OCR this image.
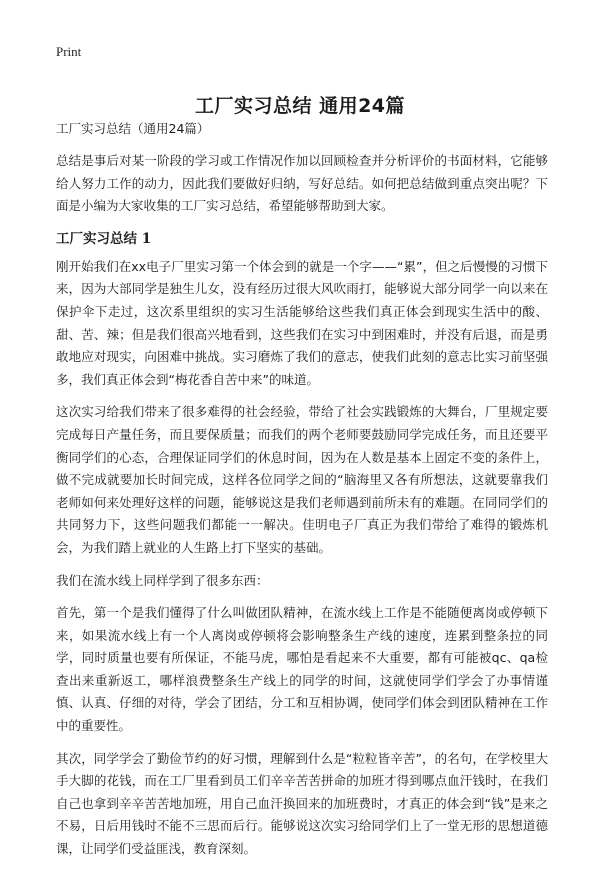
Print
工厂实习总结 通用24篇

工厂实习总结（通用24篇）

总结是事后对某一阶段的学习或工作情况作加以回顾检查并分析评价的书面材料，它能够给人努力工作的动力，因此我们要做好归纳，写好总结。如何把总结做到重点突出呢？下面是小编为大家收集的工厂实习总结，希望能够帮助到大家。

工厂实习总结 1

刚开始我们在xx电子厂里实习第一个体会到的就是一个字——“累”，但之后慢慢的习惯下来，因为大部同学是独生儿女，没有经历过很大风吹雨打，能够说大部分同学一向以来在保护伞下走过，这次系里组织的实习生活能够给这些我们真正体会到现实生活中的酸、甜、苦、辣；但是我们很高兴地看到，这些我们在实习中到困难时，并没有后退，而是勇敢地应对现实，向困难中挑战。实习磨炼了我们的意志，使我们此刻的意志比实习前坚强多，我们真正体会到“梅花香自苦中来”的味道。

这次实习给我们带来了很多难得的社会经验，带给了社会实践锻炼的大舞台，厂里规定要完成每日产量任务，而且要保质量；而我们的两个老师要鼓励同学完成任务，而且还要平衡同学们的心态，合理保证同学们的休息时间，因为在人数是基本上固定不变的条件上，做不完成就要加长时间完成，这样各位同学之间的“脑海里又各有所想法，这就要靠我们老师如何来处理好这样的问题，能够说这是我们老师遇到前所未有的难题。在同同学们的共同努力下，这些问题我们都能一一解决。佳明电子厂真正为我们带给了难得的锻炼机会，为我们踏上就业的人生路上打下坚实的基础。

我们在流水线上同样学到了很多东西：

首先，第一个是我们懂得了什么叫做团队精神，在流水线上工作是不能随便离岗或停顿下来，如果流水线上有一个人离岗或停顿将会影响整条生产线的速度，连累到整条拉的同学，同时质量也要有所保证，不能马虎，哪怕是看起来不大重要，都有可能被qc、qa检查出来重新返工，哪样浪费整条生产线上的同学的时间，这就使同学们学会了办事情谨慎、认真、仔细的对待，学会了团结，分工和互相协调，使同学们体会到团队精神在工作中的重要性。

其次，同学学会了勤俭节约的好习惯，理解到什么是“粒粒皆辛苦”，的名句，在学校里大手大脚的花钱，而在工厂里看到员工们辛辛苦苦拼命的加班才得到哪点血汗钱时，在我们自己也拿到辛辛苦苦地加班，用自己血汗换回来的加班费时，才真正的体会到“钱”是来之不易，日后用钱时不能不三思而后行。能够说这次实习给同学们上了一堂无形的思想道德课，让同学们受益匪浅，教育深刻。
